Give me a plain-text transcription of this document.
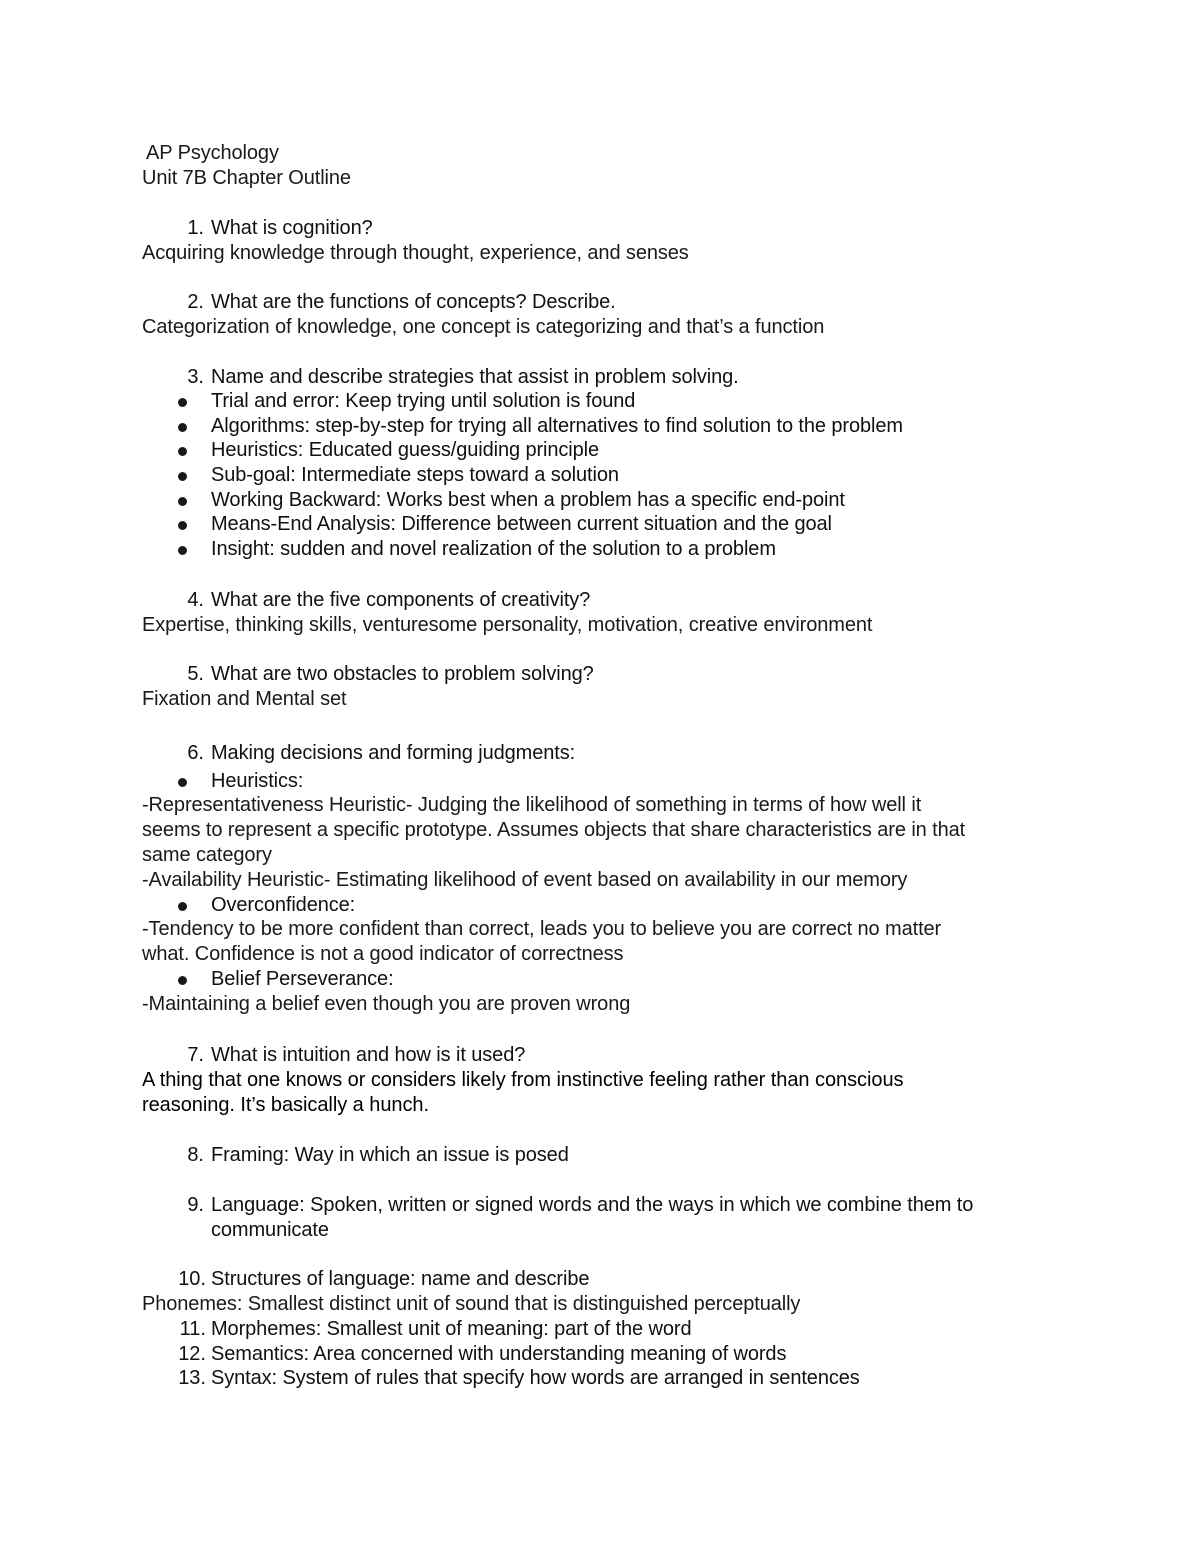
AP Psychology
Unit 7B Chapter Outline
1. What is cognition?
Acquiring knowledge through thought, experience, and senses
2. What are the functions of concepts? Describe.
Categorization of knowledge, one concept is categorizing and that’s a function
3. Name and describe strategies that assist in problem solving.
Trial and error: Keep trying until solution is found
Algorithms: step-by-step for trying all alternatives to find solution to the problem
Heuristics: Educated guess/guiding principle
Sub-goal: Intermediate steps toward a solution
Working Backward: Works best when a problem has a specific end-point
Means-End Analysis: Difference between current situation and the goal
Insight: sudden and novel realization of the solution to a problem
4. What are the five components of creativity?
Expertise, thinking skills, venturesome personality, motivation, creative environment
5. What are two obstacles to problem solving?
Fixation and Mental set
6. Making decisions and forming judgments:
Heuristics:
-Representativeness Heuristic- Judging the likelihood of something in terms of how well it
seems to represent a specific prototype. Assumes objects that share characteristics are in that
same category
-Availability Heuristic- Estimating likelihood of event based on availability in our memory
Overconfidence:
-Tendency to be more confident than correct, leads you to believe you are correct no matter
what. Confidence is not a good indicator of correctness
Belief Perseverance:
-Maintaining a belief even though you are proven wrong
7. What is intuition and how is it used?
A thing that one knows or considers likely from instinctive feeling rather than conscious
reasoning. It’s basically a hunch.
8. Framing: Way in which an issue is posed
9. Language: Spoken, written or signed words and the ways in which we combine them to
communicate
10. Structures of language: name and describe
Phonemes: Smallest distinct unit of sound that is distinguished perceptually
11. Morphemes: Smallest unit of meaning: part of the word
12. Semantics: Area concerned with understanding meaning of words
13. Syntax: System of rules that specify how words are arranged in sentences
